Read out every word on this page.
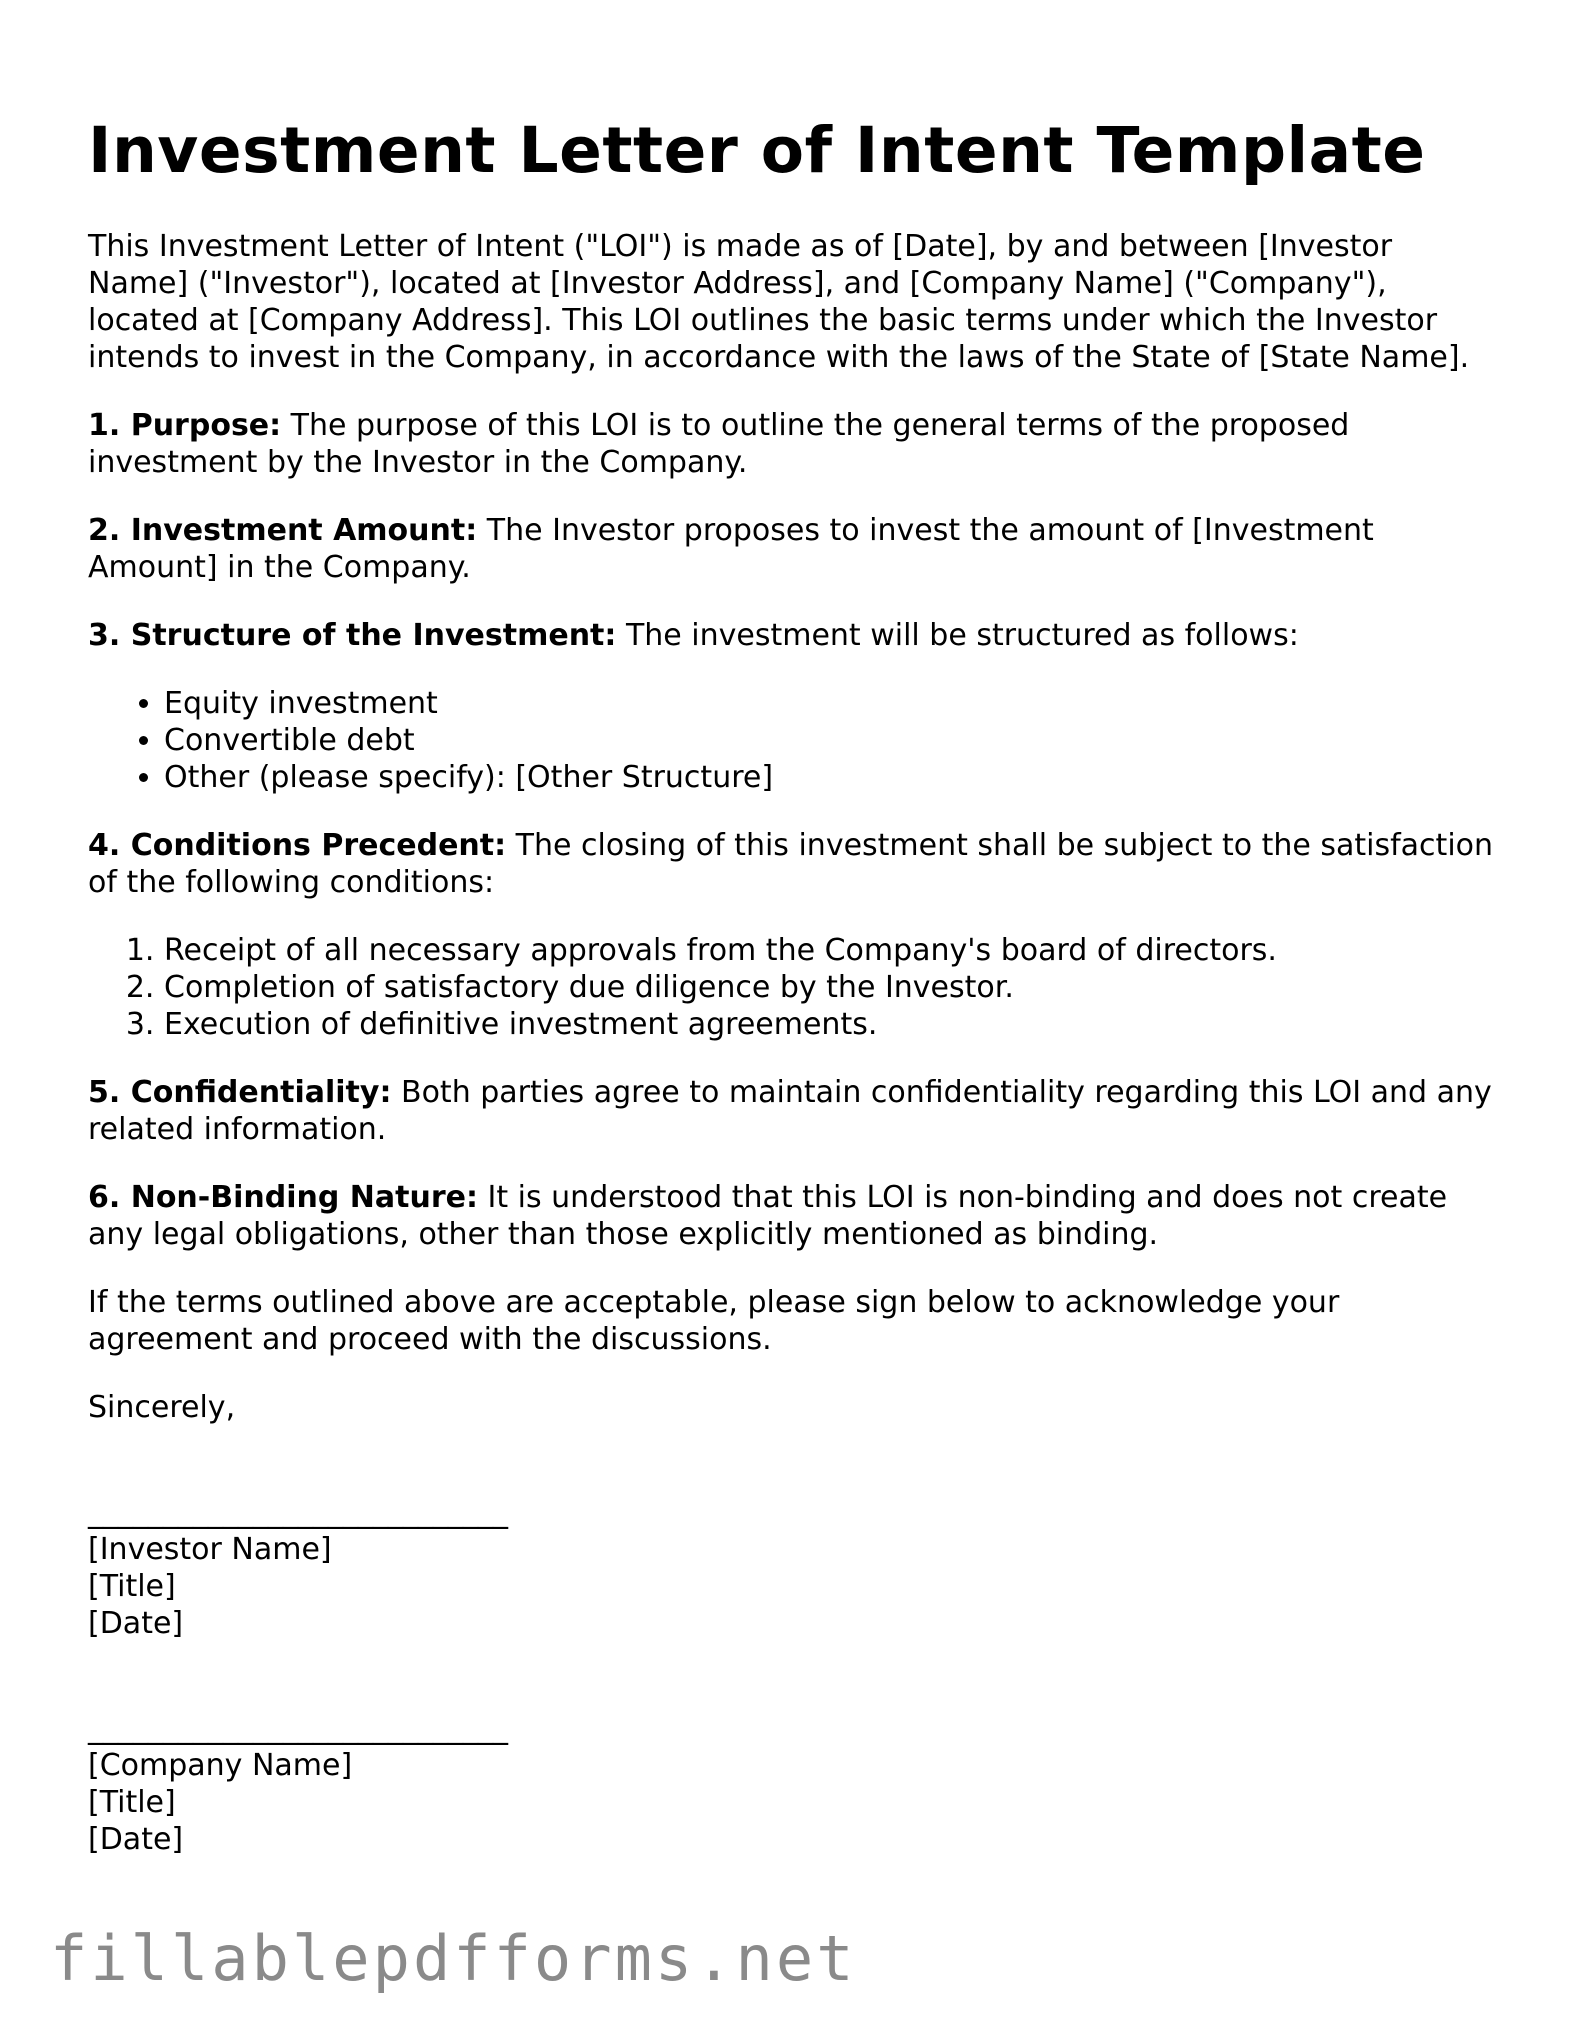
Investment Letter of Intent Template

This Investment Letter of Intent ("LOI") is made as of [Date], by and between [Investor Name] ("Investor"), located at [Investor Address], and [Company Name] ("Company"), located at [Company Address]. This LOI outlines the basic terms under which the Investor intends to invest in the Company, in accordance with the laws of the State of [State Name].

1. Purpose: The purpose of this LOI is to outline the general terms of the proposed investment by the Investor in the Company.

2. Investment Amount: The Investor proposes to invest the amount of [Investment Amount] in the Company.

3. Structure of the Investment: The investment will be structured as follows:

• Equity investment
• Convertible debt
• Other (please specify): [Other Structure]

4. Conditions Precedent: The closing of this investment shall be subject to the satisfaction of the following conditions:

1. Receipt of all necessary approvals from the Company's board of directors.
2. Completion of satisfactory due diligence by the Investor.
3. Execution of definitive investment agreements.

5. Confidentiality: Both parties agree to maintain confidentiality regarding this LOI and any related information.

6. Non-Binding Nature: It is understood that this LOI is non-binding and does not create any legal obligations, other than those explicitly mentioned as binding.

If the terms outlined above are acceptable, please sign below to acknowledge your agreement and proceed with the discussions.

Sincerely,

____________________________

[Investor Name]

[Title]

[Date]

____________________________

[Company Name]

[Title]

[Date]

fillablepdfforms.net
